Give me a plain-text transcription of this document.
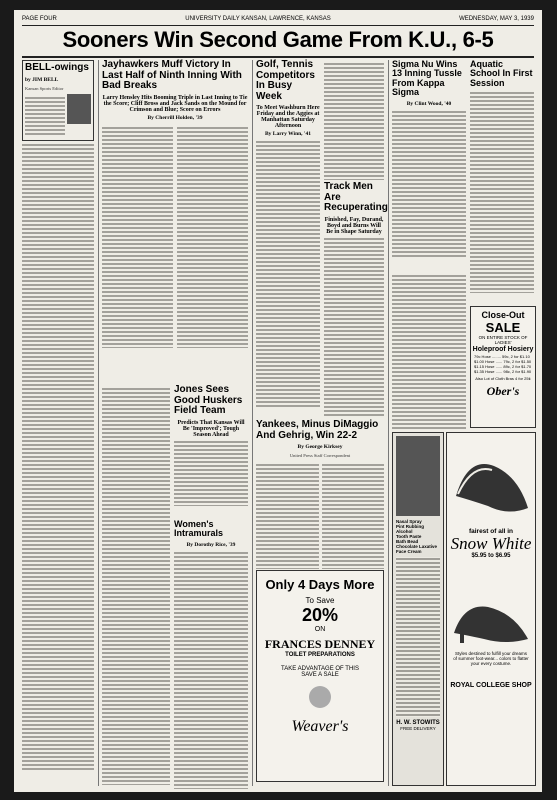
PAGE FOUR	UNIVERSITY DAILY KANSAN, LAWRENCE, KANSAS	WEDNESDAY, MAY 3, 1939
Sooners Win Second Game From K.U., 6-5
BELL-owings
by JIM BELL
Kansan Sports Editor
Jayhawkers Muff Victory In Last Half of Ninth Inning With Bad Breaks
Larry Hensley Hits Booming Triple in Last Inning to Tie the Score; Cliff Bross and Jack Sands on the Mound for Crimson and Blue; Score on Errors
By Cherrill Holden, '39
Jones Sees Good Huskers Field Team
Predicts That Kansas Will Be 'Improved'; Tough Season Ahead
Women's Intramurals
By Dorothy Rice, '39
Golf, Tennis Competitors In Busy Week
To Meet Washburn Here Friday and the Aggies at Manhattan Saturday Afternoon
By Larry Winn, '41
Track Men Are Recuperating
Finished, Fay, Durand, Boyd and Burns Will Be in Shape Saturday
Yankees, Minus DiMaggio And Gehrig, Win 22-2
By George Kirksey
United Press Staff Correspondent
Only 4 Days More
To Save
20%
ON
FRANCES DENNEY
TOILET PREPARATIONS
TAKE ADVANTAGE OF THIS SAVE A SALE
Weaver's
Sigma Nu Wins 13 Inning Tussle From Kappa Sigma
By Clint Wood, '40
Aquatic School In First Session
Close-Out
SALE
ON ENTIRE STOCK OF LADIES'
Holeproof Hosiery
79c Hose ........ 59c, 2 for $1.10
$1.00 Hose ...... 79c, 2 for $1.50
$1.15 Hose ...... 89c, 2 for $1.70
$1.35 Hose ...... 98c, 2 for $1.90
Also Lot of Cloth Bras 4 for 25¢
Ober's
Nasal Spray
Pint Rubbing Alcohol
Tooth Paste
Bath Bead
Chocolate Laxative
Face Cream
H. W. STOWITS
FREE DELIVERY
fairest of all in
Snow White
$5.95 to $6.95
Styles destined to fulfill your dreams of summer foot-wear... colors to flatter your every costume.
ROYAL COLLEGE SHOP
